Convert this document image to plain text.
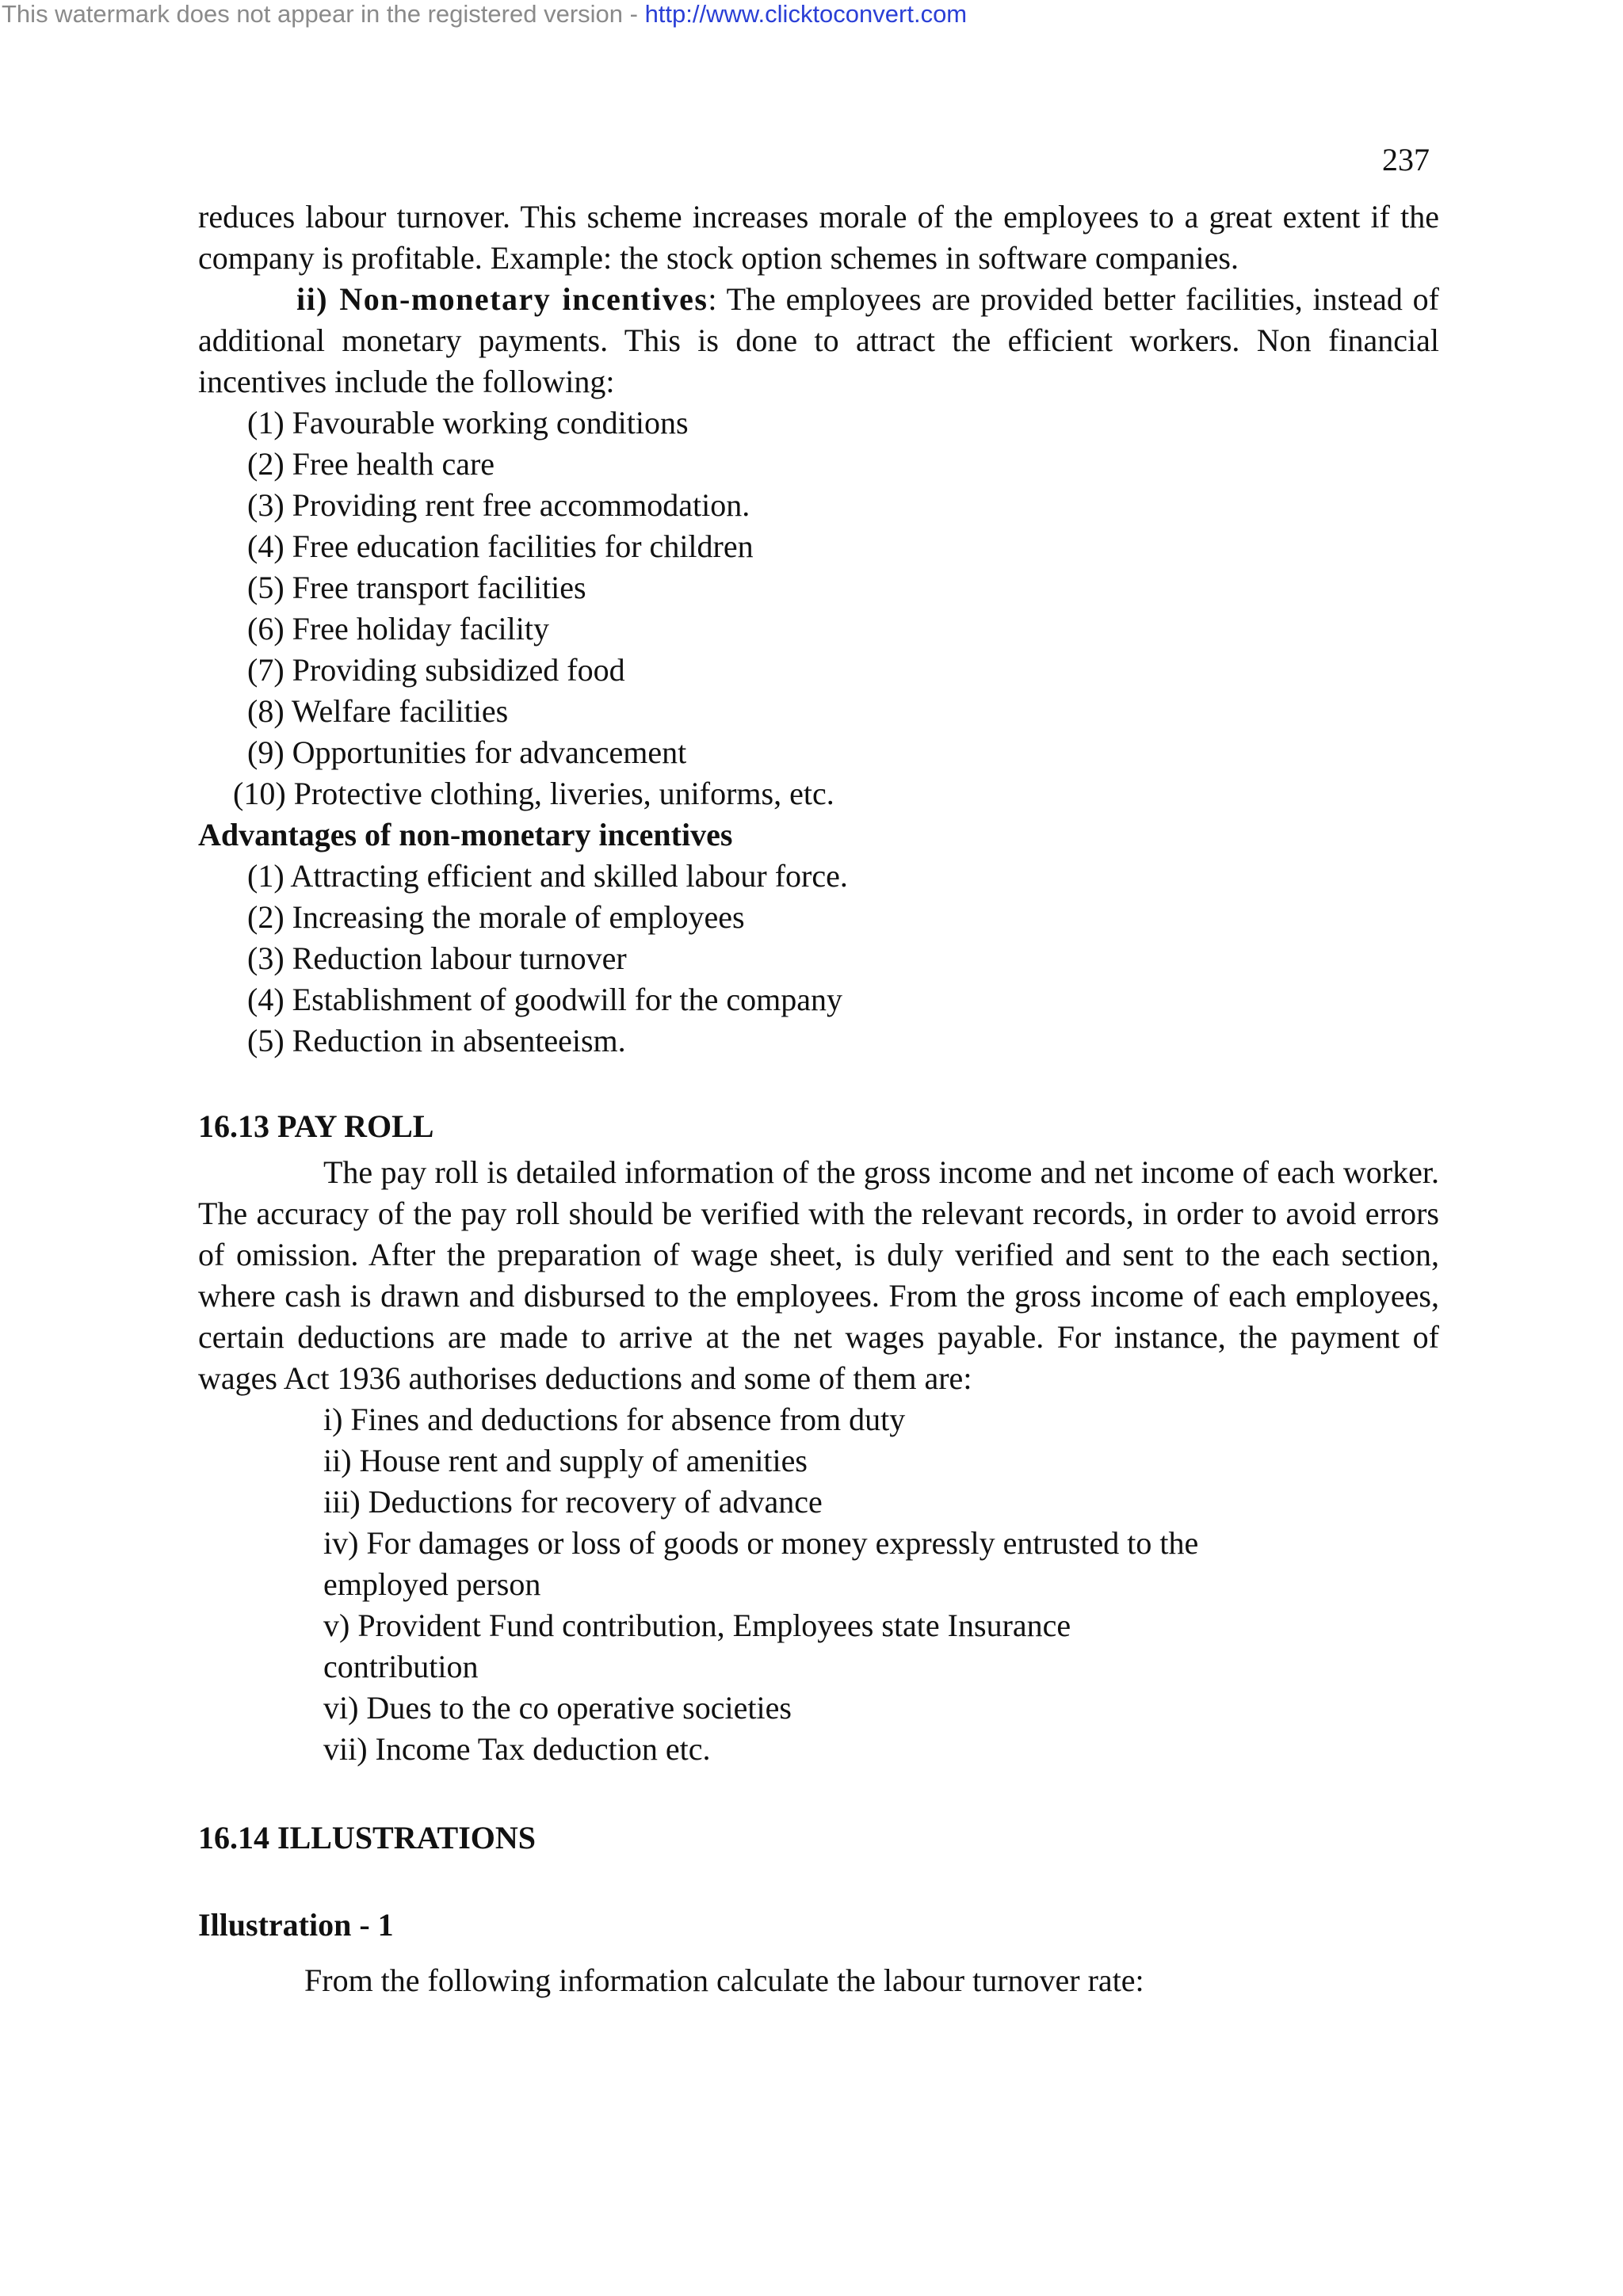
This watermark does not appear in the registered version - http://www.clicktoconvert.com
237

reduces labour turnover. This scheme increases morale of the employees to a great extent if the company is profitable. Example: the stock option schemes in software companies.

ii) Non-monetary incentives: The employees are provided better facilities, instead of additional monetary payments. This is done to attract the efficient workers. Non financial incentives include the following:

(1) Favourable working conditions
(2) Free health care
(3) Providing rent free accommodation.
(4) Free education facilities for children
(5) Free transport facilities
(6) Free holiday facility
(7) Providing subsidized food
(8) Welfare facilities
(9) Opportunities for advancement
(10) Protective clothing, liveries, uniforms, etc.

Advantages of non-monetary incentives

(1) Attracting efficient and skilled labour force.
(2) Increasing the morale of employees
(3) Reduction labour turnover
(4) Establishment of goodwill for the company
(5) Reduction in absenteeism.

16.13 PAY ROLL

The pay roll is detailed information of the gross income and net income of each worker. The accuracy of the pay roll should be verified with the relevant records, in order to avoid errors of omission. After the preparation of wage sheet, is duly verified and sent to the each section, where cash is drawn and disbursed to the employees. From the gross income of each employees, certain deductions are made to arrive at the net wages payable. For instance, the payment of wages Act 1936 authorises deductions and some of them are:

i) Fines and deductions for absence from duty
ii) House rent and supply of amenities
iii) Deductions for recovery of advance
iv) For damages or loss of goods or money expressly entrusted to the
employed person
v) Provident Fund contribution, Employees state Insurance
contribution
vi) Dues to the co operative societies
vii) Income Tax deduction etc.

16.14 ILLUSTRATIONS

Illustration - 1

From the following information calculate the labour turnover rate:
